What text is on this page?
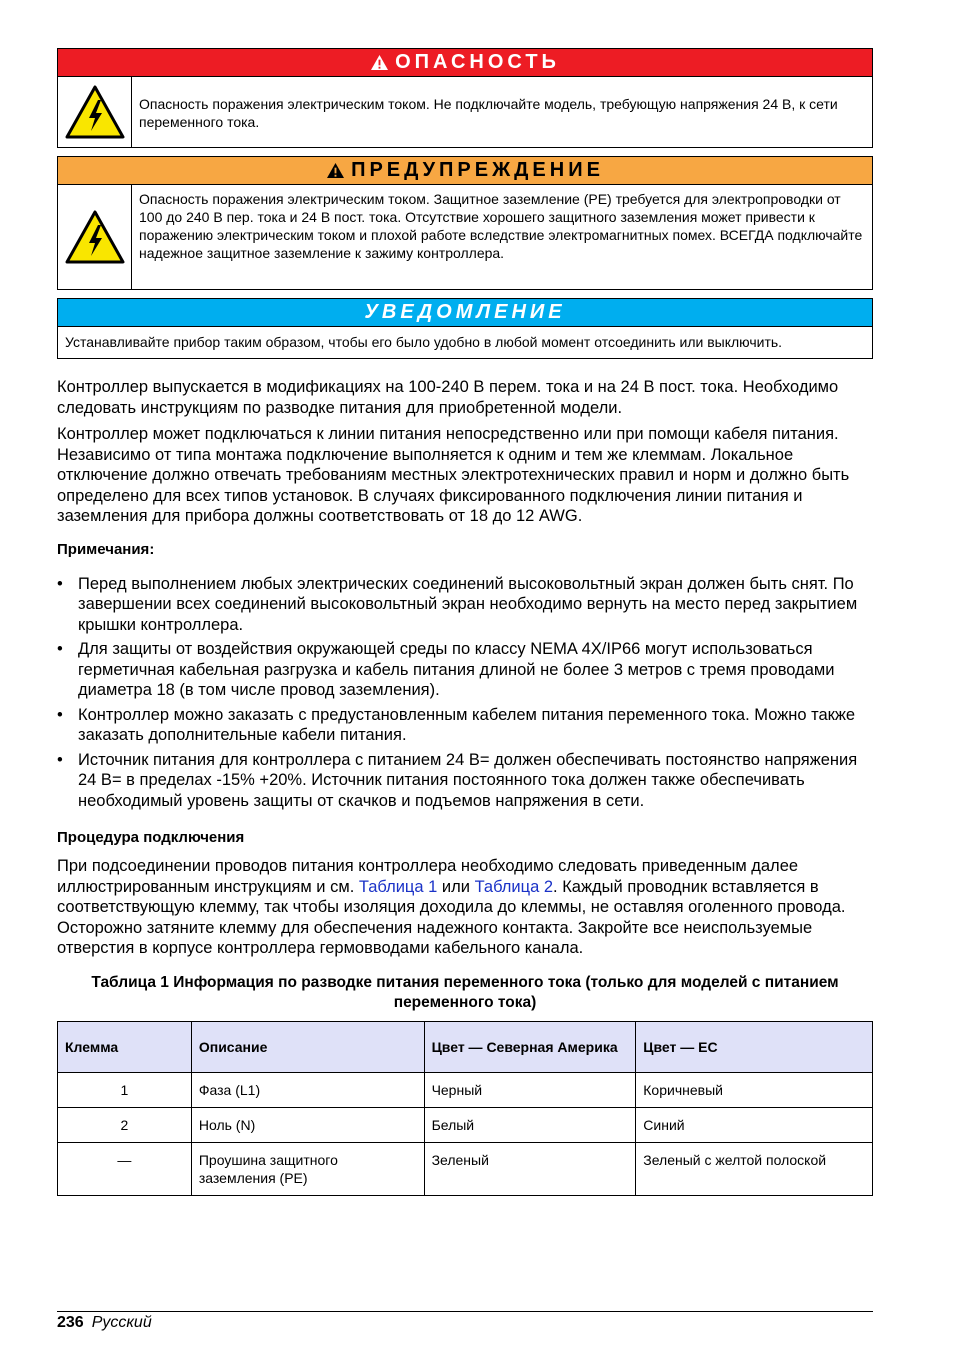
ОПАСНОСТЬ
Опасность поражения электрическим током. Не подключайте модель, требующую напряжения 24 В, к сети переменного тока.
ПРЕДУПРЕЖДЕНИЕ
Опасность поражения электрическим током. Защитное заземление (PE) требуется для электропроводки от 100 до 240 В пер. тока и 24 В пост. тока. Отсутствие хорошего защитного заземления может привести к поражению электрическим током и плохой работе вследствие электромагнитных помех. ВСЕГДА подключайте надежное защитное заземление к зажиму контроллера.
УВЕДОМЛЕНИЕ
Устанавливайте прибор таким образом, чтобы его было удобно в любой момент отсоединить или выключить.

Контроллер выпускается в модификациях на 100-240 В перем. тока и на 24 В пост. тока. Необходимо следовать инструкциям по разводке питания для приобретенной модели.

Контроллер может подключаться к линии питания непосредственно или при помощи кабеля питания. Независимо от типа монтажа подключение выполняется к одним и тем же клеммам. Локальное отключение должно отвечать требованиям местных электротехнических правил и норм и должно быть определено для всех типов установок. В случаях фиксированного подключения линии питания и заземления для прибора должны соответствовать от 18 до 12 AWG.

Примечания:
• Перед выполнением любых электрических соединений высоковольтный экран должен быть снят. По завершении всех соединений высоковольтный экран необходимо вернуть на место перед закрытием крышки контроллера.
• Для защиты от воздействия окружающей среды по классу NEMA 4X/IP66 могут использоваться герметичная кабельная разгрузка и кабель питания длиной не более 3 метров с тремя проводами диаметра 18 (в том числе провод заземления).
• Контроллер можно заказать с предустановленным кабелем питания переменного тока. Можно также заказать дополнительные кабели питания.
• Источник питания для контроллера с питанием 24 В= должен обеспечивать постоянство напряжения 24 В= в пределах -15% +20%. Источник питания постоянного тока должен также обеспечивать необходимый уровень защиты от скачков и подъемов напряжения в сети.
Процедура подключения

При подсоединении проводов питания контроллера необходимо следовать приведенным далее иллюстрированным инструкциям и см. Таблица 1 или Таблица 2. Каждый проводник вставляется в соответствующую клемму, так чтобы изоляция доходила до клеммы, не оставляя оголенного провода. Осторожно затяните клемму для обеспечения надежного контакта. Закройте все неиспользуемые отверстия в корпусе контроллера гермовводами кабельного канала.

Таблица 1 Информация по разводке питания переменного тока (только для моделей с питанием переменного тока)
Клемма	Описание	Цвет — Северная Америка	Цвет — ЕС
1	Фаза (L1)	Черный	Коричневый
2	Ноль (N)	Белый	Синий
—	Проушина защитного заземления (PE)	Зеленый	Зеленый с желтой полоской
236 Русский
